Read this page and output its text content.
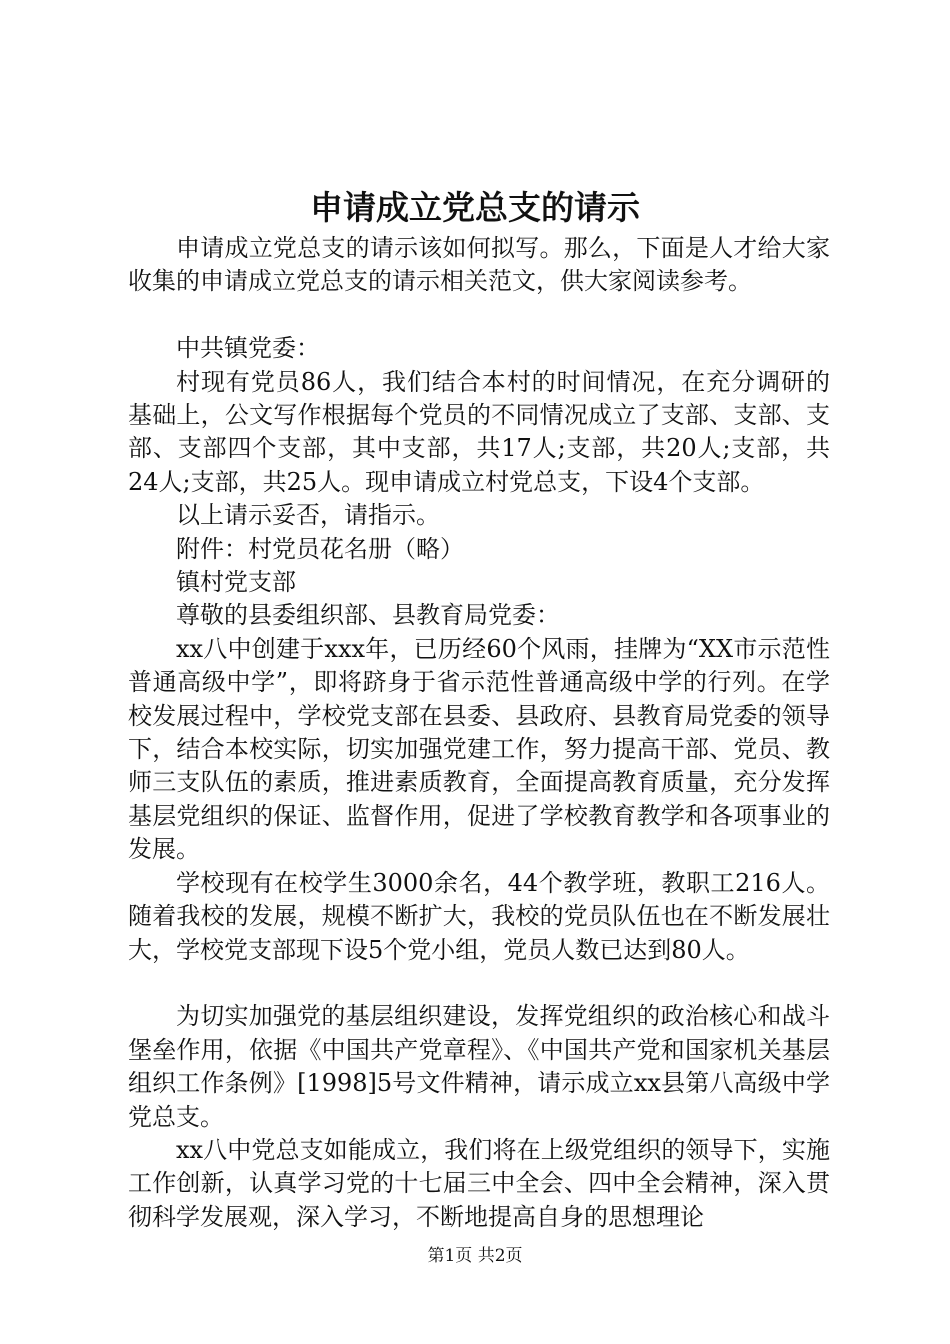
申请成立党总支的请示

申请成立党总支的请示该如何拟写。那么，下面是人才给大家收集的申请成立党总支的请示相关范文，供大家阅读参考。

中共镇党委：

村现有党员86人，我们结合本村的时间情况，在充分调研的基础上，公文写作根据每个党员的不同情况成立了支部、支部、支部、支部四个支部，其中支部，共17人;支部，共20人;支部，共24人;支部，共25人。现申请成立村党总支，下设4个支部。

以上请示妥否，请指示。

附件：村党员花名册（略）

镇村党支部

尊敬的县委组织部、县教育局党委：

xx八中创建于xxx年，已历经60个风雨，挂牌为“XX市示范性普通高级中学”，即将跻身于省示范性普通高级中学的行列。在学校发展过程中，学校党支部在县委、县政府、县教育局党委的领导下，结合本校实际，切实加强党建工作，努力提高干部、党员、教师三支队伍的素质，推进素质教育，全面提高教育质量，充分发挥基层党组织的保证、监督作用，促进了学校教育教学和各项事业的发展。

学校现有在校学生3000余名，44个教学班，教职工216人。随着我校的发展，规模不断扩大，我校的党员队伍也在不断发展壮大，学校党支部现下设5个党小组，党员人数已达到80人。

为切实加强党的基层组织建设，发挥党组织的政治核心和战斗堡垒作用，依据《中国共产党章程》、《中国共产党和国家机关基层组织工作条例》[1998]5号文件精神，请示成立xx县第八高级中学党总支。

xx八中党总支如能成立，我们将在上级党组织的领导下，实施工作创新，认真学习党的十七届三中全会、四中全会精神，深入贯彻科学发展观，深入学习，不断地提高自身的思想理论

第1页 共2页
